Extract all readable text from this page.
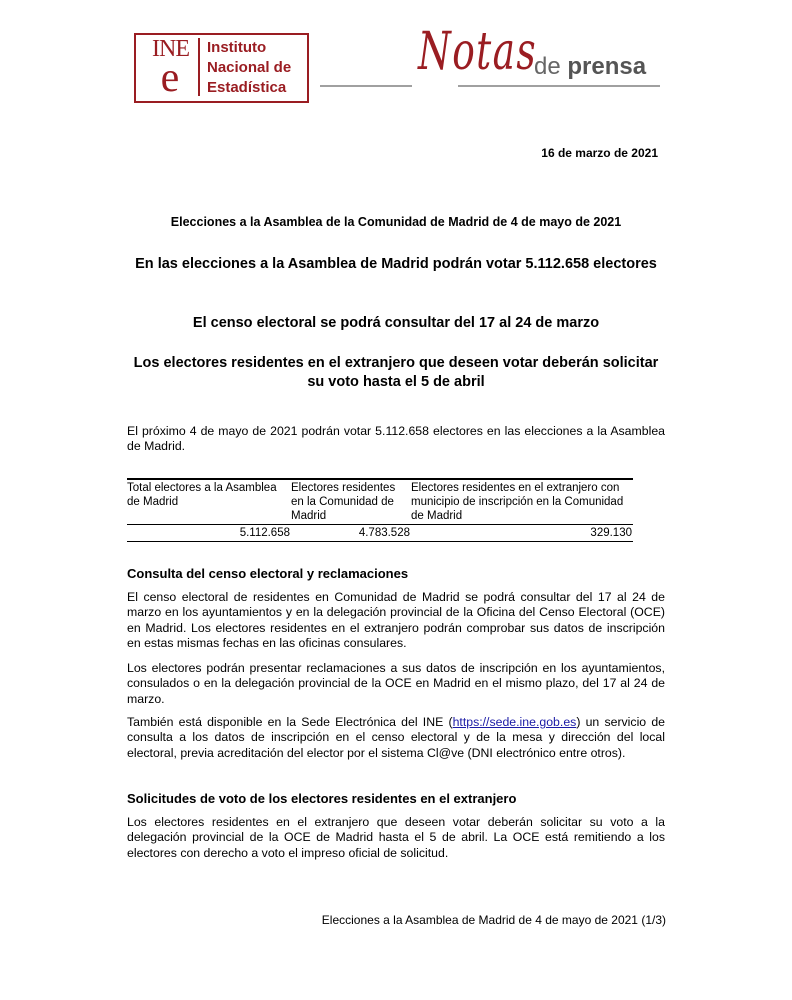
INE
e
Instituto
Nacional de
Estadística
Notas
de prensa
16 de marzo de 2021
Elecciones a la Asamblea de la Comunidad de Madrid de 4 de mayo de 2021
En las elecciones a la Asamblea de Madrid podrán votar 5.112.658 electores
El censo electoral se podrá consultar del 17 al 24 de marzo
Los electores residentes en el extranjero que deseen votar deberán solicitar su voto hasta el 5 de abril
El próximo 4 de mayo de 2021 podrán votar 5.112.658 electores en las elecciones a la Asamblea de Madrid.
Total electores a la Asamblea de Madrid	Electores residentes en la Comunidad de Madrid	Electores residentes en el extranjero con municipio de inscripción en la Comunidad de Madrid
5.112.658	4.783.528	329.130
Consulta del censo electoral y reclamaciones
El censo electoral de residentes en Comunidad de Madrid se podrá consultar del 17 al 24 de marzo en los ayuntamientos y en la delegación provincial de la Oficina del Censo Electoral (OCE) en Madrid. Los electores residentes en el extranjero podrán comprobar sus datos de inscripción en estas mismas fechas en las oficinas consulares.
Los electores podrán presentar reclamaciones a sus datos de inscripción en los ayuntamientos, consulados o en la delegación provincial de la OCE en Madrid en el mismo plazo, del 17 al 24 de marzo.
También está disponible en la Sede Electrónica del INE (https://sede.ine.gob.es) un servicio de consulta a los datos de inscripción en el censo electoral y de la mesa y dirección del local electoral, previa acreditación del elector por el sistema Cl@ve (DNI electrónico entre otros).
Solicitudes de voto de los electores residentes en el extranjero
Los electores residentes en el extranjero que deseen votar deberán solicitar su voto a la delegación provincial de la OCE de Madrid hasta el 5 de abril. La OCE está remitiendo a los electores con derecho a voto el impreso oficial de solicitud.
Elecciones a la Asamblea de Madrid de 4 de mayo de 2021 (1/3)
